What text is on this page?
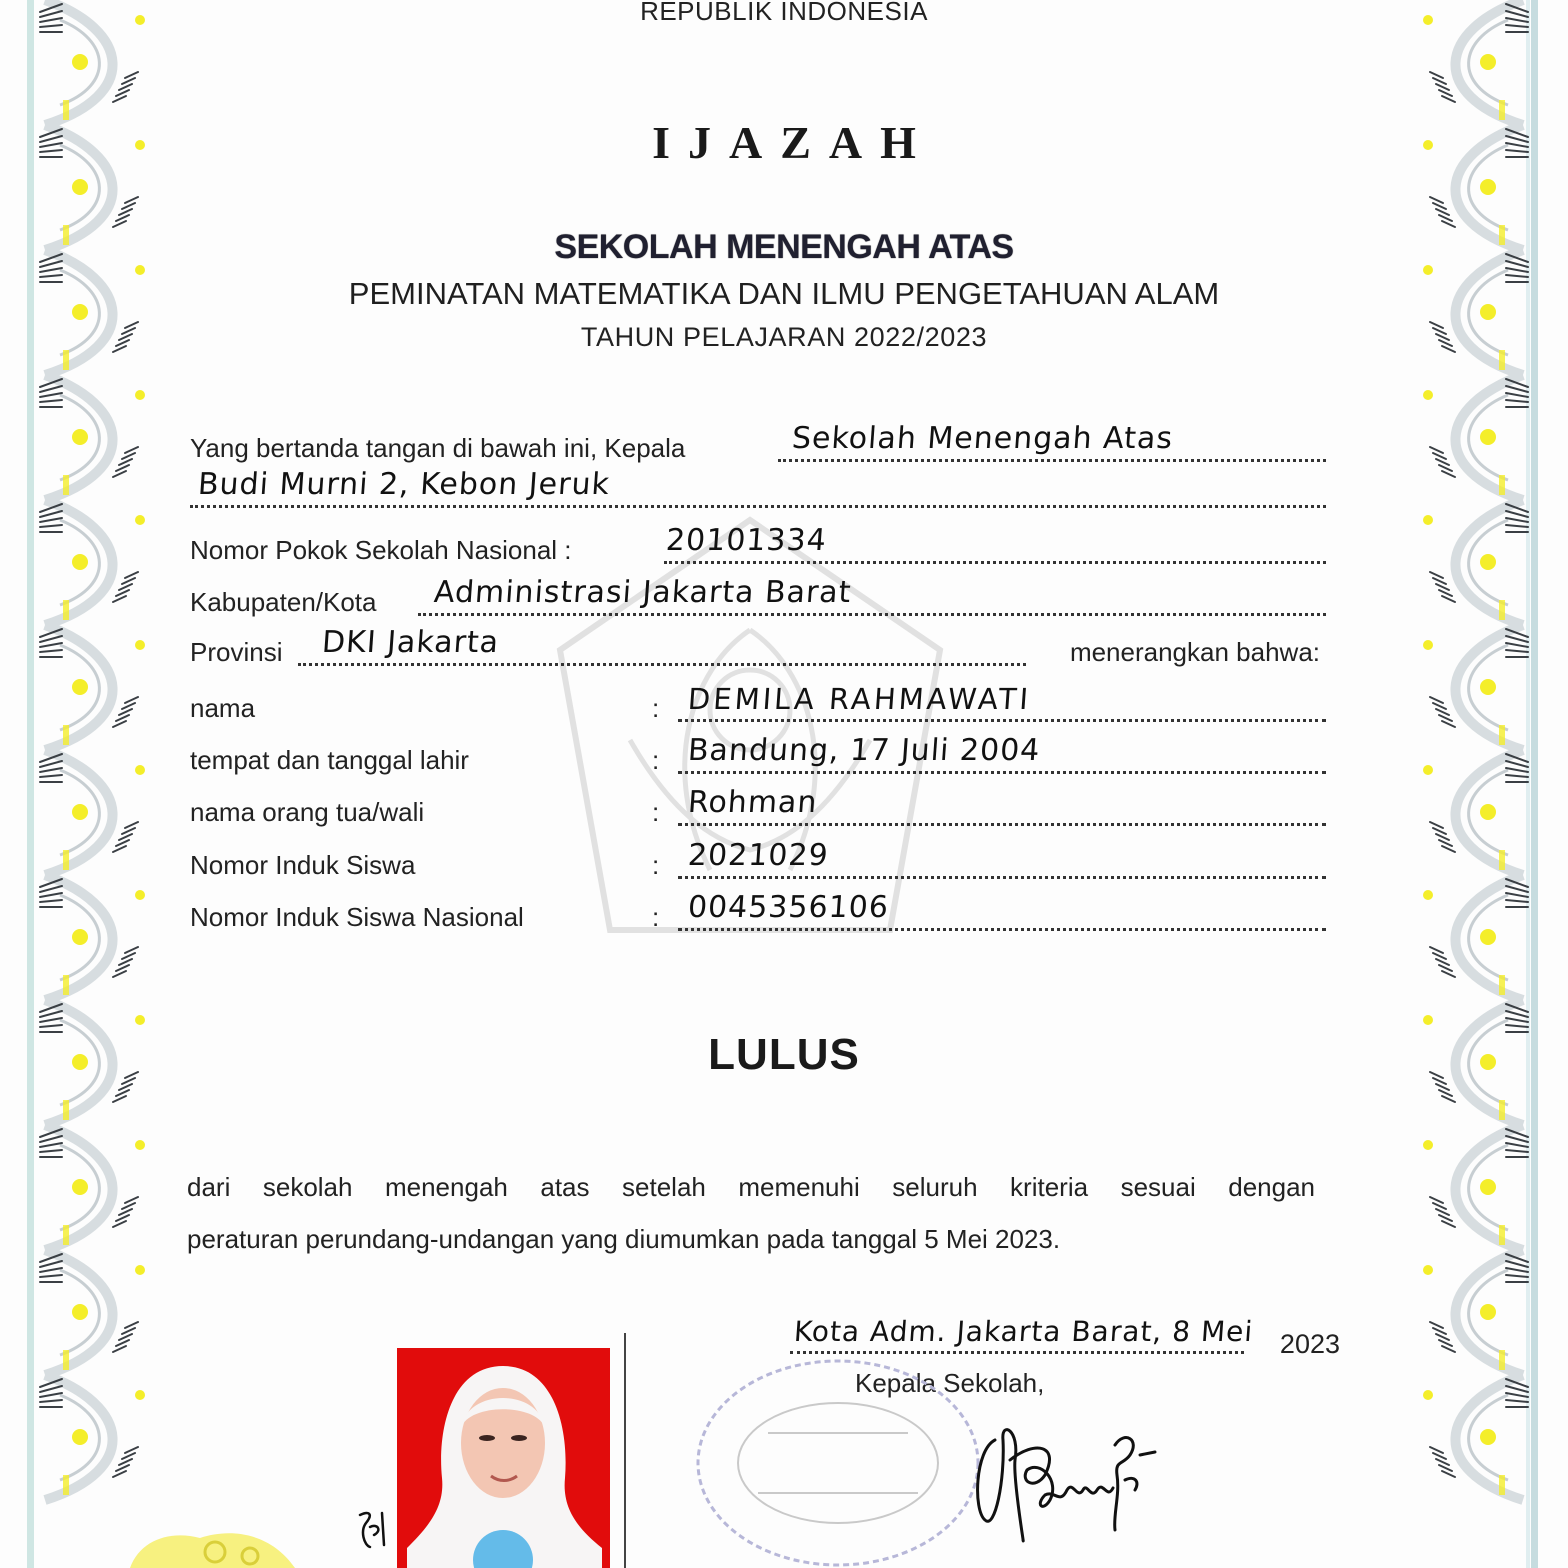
REPUBLIK INDONESIA
IJAZAH
SEKOLAH MENENGAH ATAS
PEMINATAN MATEMATIKA DAN ILMU PENGETAHUAN ALAM
TAHUN PELAJARAN 2022/2023
Yang bertanda tangan di bawah ini, Kepala	Sekolah Menengah Atas
Budi Murni 2, Kebon Jeruk
Nomor Pokok Sekolah Nasional :	20101334
Kabupaten/Kota Administrasi Jakarta Barat
Provinsi DKI Jakarta	menerangkan bahwa:
nama	: DEMILA RAHMAWATI
tempat dan tanggal lahir	: Bandung, 17 Juli 2004
nama orang tua/wali	: Rohman
Nomor Induk Siswa	: 2021029
Nomor Induk Siswa Nasional	: 0045356106
LULUS
dari sekolah menengah atas setelah memenuhi seluruh kriteria sesuai dengan
peraturan perundang-undangan yang diumumkan pada tanggal 5 Mei 2023.
Kota Adm. Jakarta Barat, 8 Mei 2023
Kepala Sekolah,
